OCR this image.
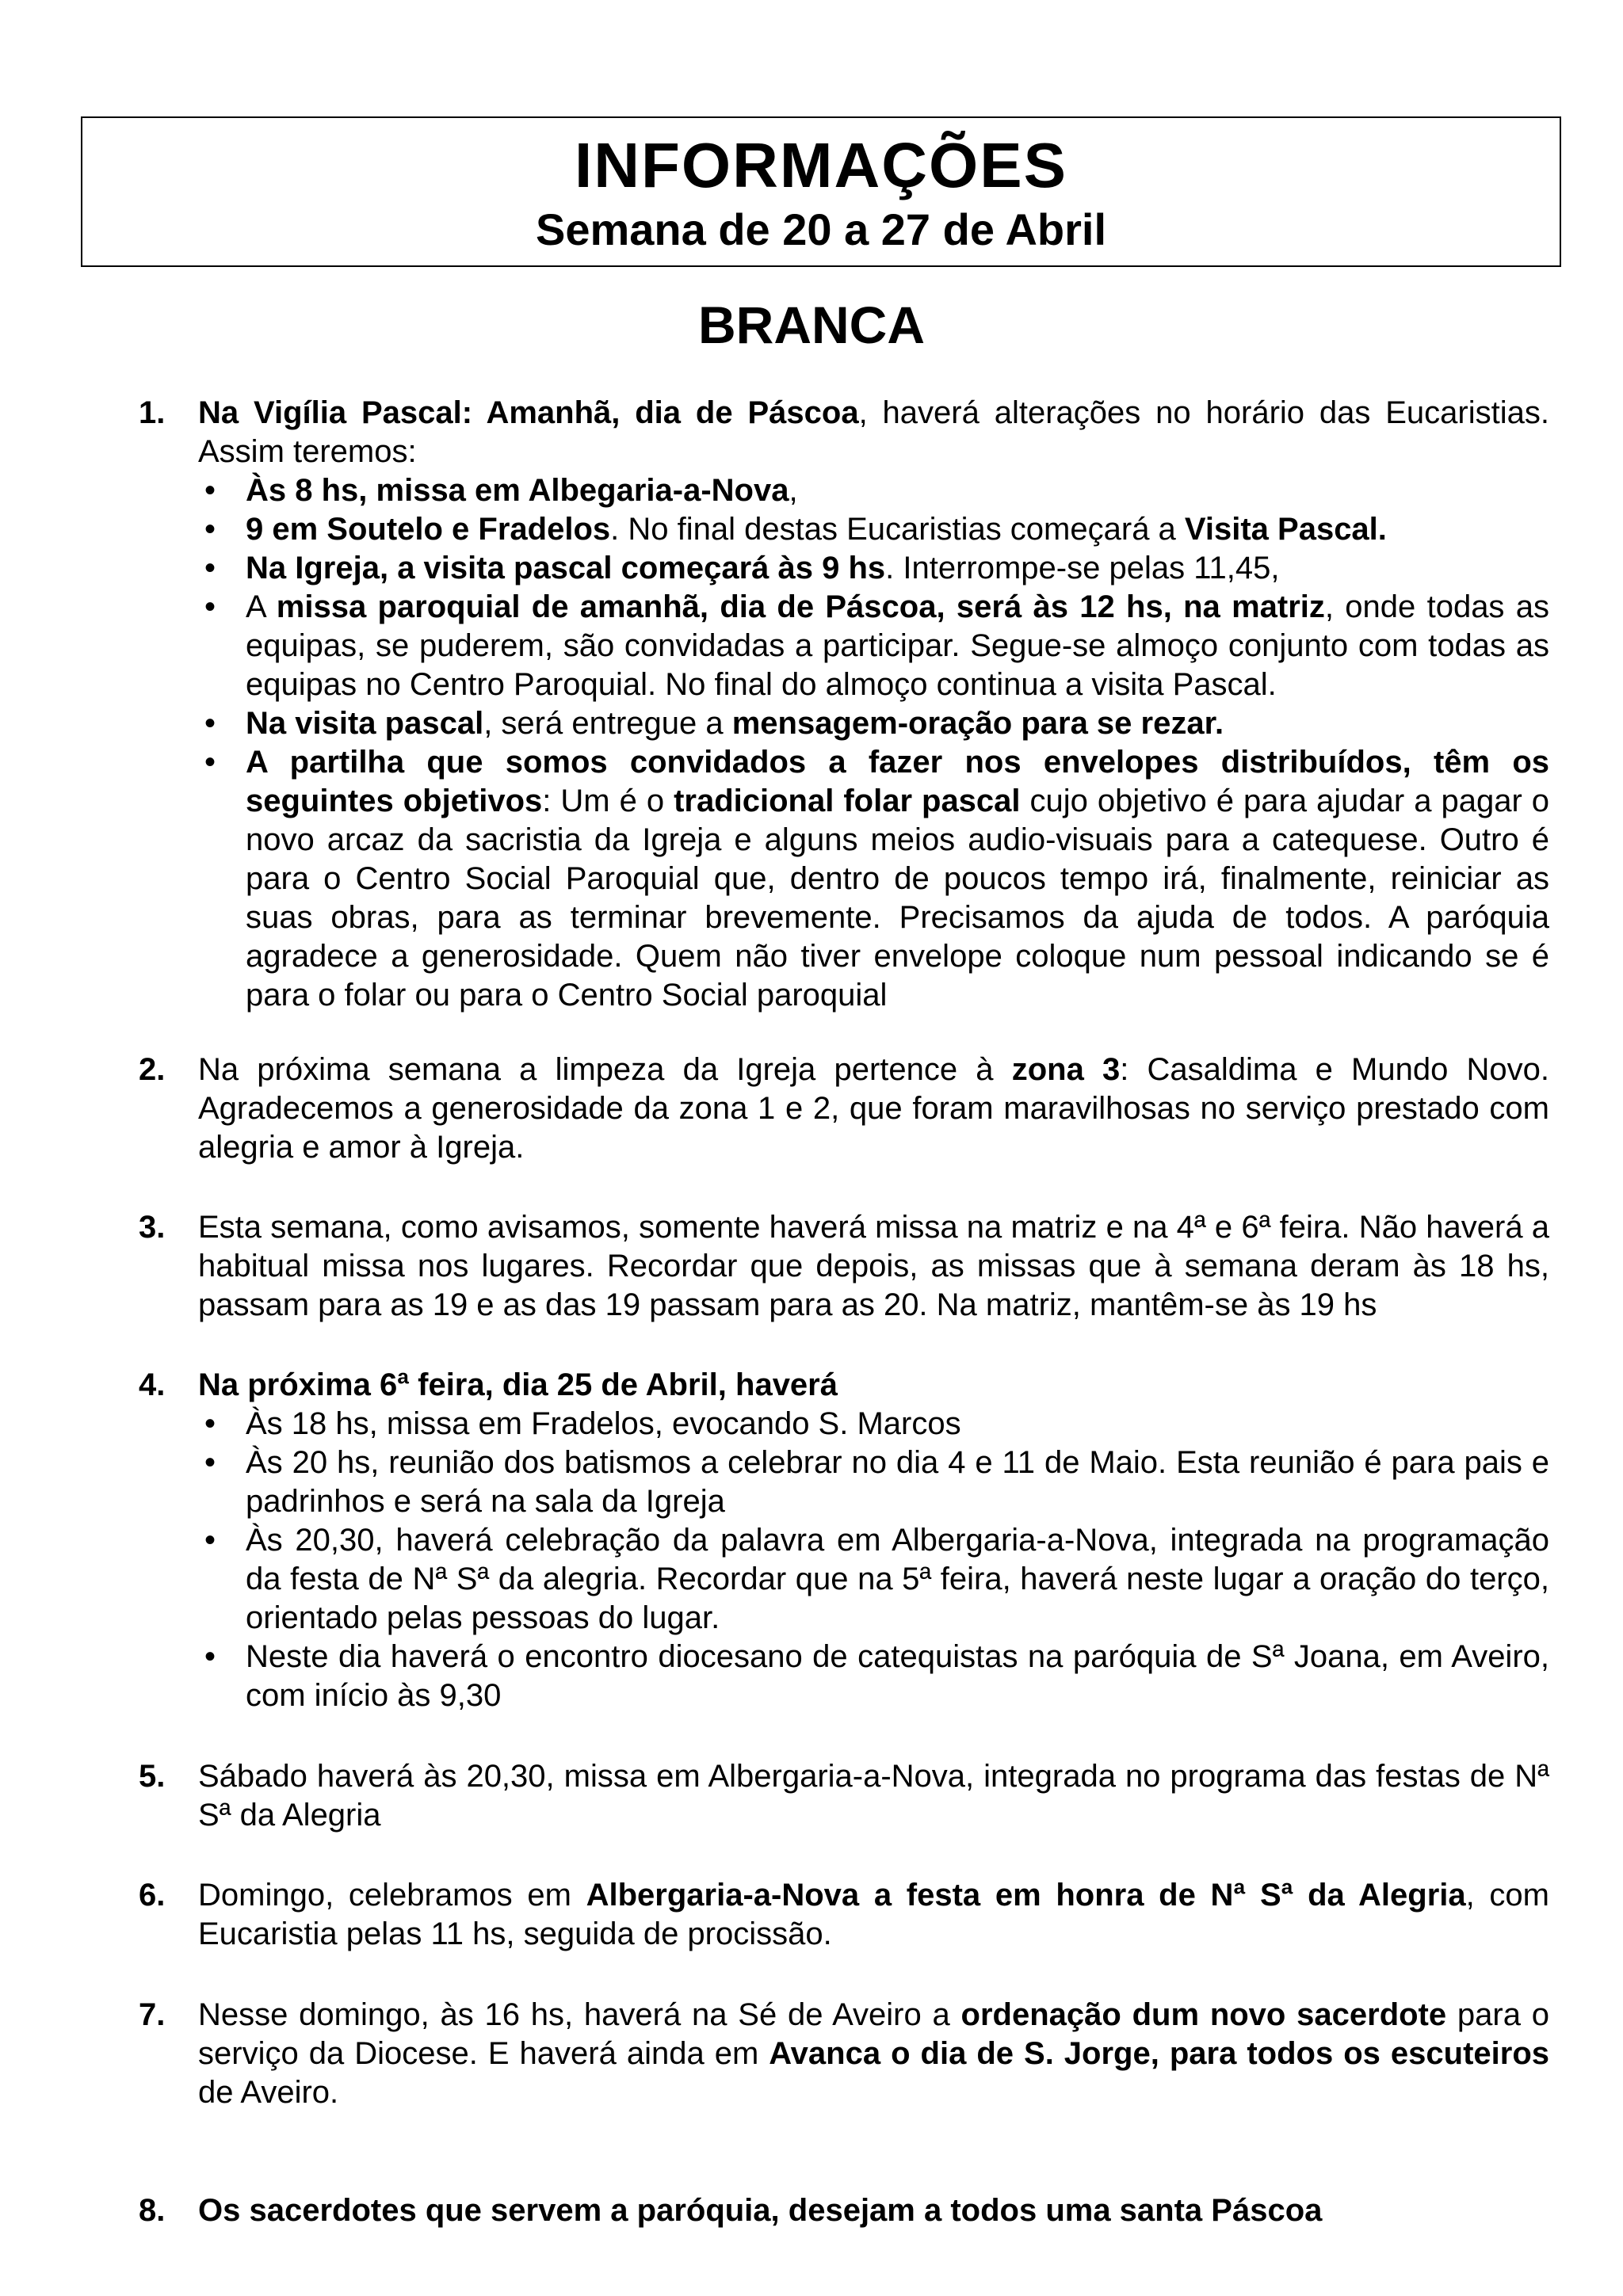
INFORMAÇÕES
Semana de 20 a 27 de Abril
BRANCA
1. Na Vigília Pascal: Amanhã, dia de Páscoa, haverá alterações no horário das Eucaristias. Assim teremos:
• Às 8 hs, missa em Albegaria-a-Nova,
• 9 em Soutelo e Fradelos. No final destas Eucaristias começará a Visita Pascal.
• Na Igreja, a visita pascal começará às 9 hs. Interrompe-se pelas 11,45,
• A missa paroquial de amanhã, dia de Páscoa, será às 12 hs, na matriz, onde todas as equipas, se puderem, são convidadas a participar. Segue-se almoço conjunto com todas as equipas no Centro Paroquial. No final do almoço continua a visita Pascal.
• Na visita pascal, será entregue a mensagem-oração para se rezar.
• A partilha que somos convidados a fazer nos envelopes distribuídos, têm os seguintes objetivos: Um é o tradicional folar pascal cujo objetivo é para ajudar a pagar o novo arcaz da sacristia da Igreja e alguns meios audio-visuais para a catequese. Outro é para o Centro Social Paroquial que, dentro de poucos tempo irá, finalmente, reiniciar as suas obras, para as terminar brevemente. Precisamos da ajuda de todos. A paróquia agradece a generosidade. Quem não tiver envelope coloque num pessoal indicando se é para o folar ou para o Centro Social paroquial
2. Na próxima semana a limpeza da Igreja pertence à zona 3: Casaldima e Mundo Novo. Agradecemos a generosidade da zona 1 e 2, que foram maravilhosas no serviço prestado com alegria e amor à Igreja.
3. Esta semana, como avisamos, somente haverá missa na matriz e na 4ª e 6ª feira. Não haverá a habitual missa nos lugares. Recordar que depois, as missas que à semana deram às 18 hs, passam para as 19 e as das 19 passam para as 20. Na matriz, mantêm-se às 19 hs
4. Na próxima 6ª feira, dia 25 de Abril, haverá
• Às 18 hs, missa em Fradelos, evocando S. Marcos
• Às 20 hs, reunião dos batismos a celebrar no dia 4 e 11 de Maio. Esta reunião é para pais e padrinhos e será na sala da Igreja
• Às 20,30, haverá celebração da palavra em Albergaria-a-Nova, integrada na programação da festa de Nª Sª da alegria. Recordar que na 5ª feira, haverá neste lugar a oração do terço, orientado pelas pessoas do lugar.
• Neste dia haverá o encontro diocesano de catequistas na paróquia de Sª Joana, em Aveiro, com início às 9,30
5. Sábado haverá às 20,30, missa em Albergaria-a-Nova, integrada no programa das festas de Nª Sª da Alegria
6. Domingo, celebramos em Albergaria-a-Nova a festa em honra de Nª Sª da Alegria, com Eucaristia pelas 11 hs, seguida de procissão.
7. Nesse domingo, às 16 hs, haverá na Sé de Aveiro a ordenação dum novo sacerdote para o serviço da Diocese. E haverá ainda em Avanca o dia de S. Jorge, para todos os escuteiros de Aveiro.
8. Os sacerdotes que servem a paróquia, desejam a todos uma santa Páscoa
